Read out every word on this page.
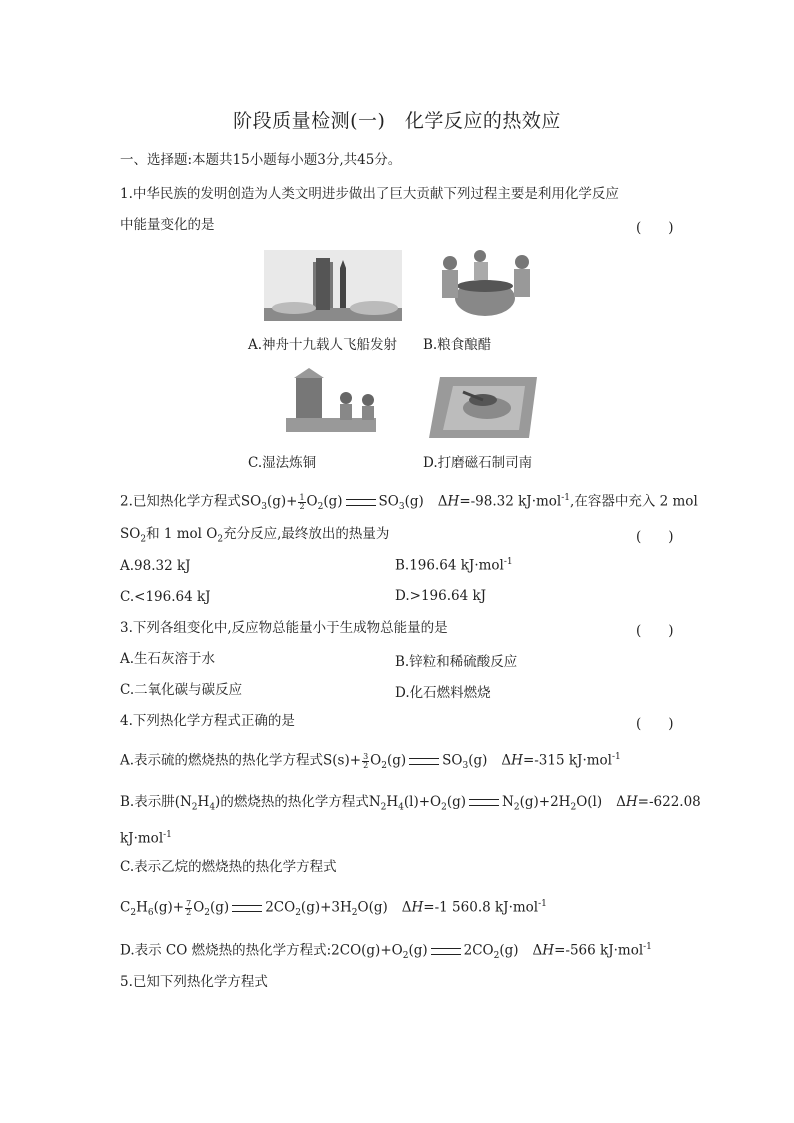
阶段质量检测(一)　化学反应的热效应
一、选择题:本题共15小题每小题3分,共45分。
1.中华民族的发明创造为人类文明进步做出了巨大贡献下列过程主要是利用化学反应
中能量变化的是	(　　)
A.神舟十九载人飞船发射 B.粮食酿醋
C.湿法炼铜	D.打磨磁石制司南
2.已知热化学方程式$SO_3(g)+ \frac{1}{2} O_2(g)$	$SO_3(g)$ ΔH=-98.32 kJ·mol$^{-1}$,在容器中充入 2 mol
$SO_2$和 1 mol $O_2$充分反应,最终放出的热量为	(　　)
A.98.32 kJ	B.196.64 kJ·mol$^{-1}$
C.<196.64 kJ	D.>196.64 kJ
3.下列各组变化中,反应物总能量小于生成物总能量的是	(　　)
A.生石灰溶于水	B.锌粒和稀硫酸反应
C.二氧化碳与碳反应	D.化石燃料燃烧
4.下列热化学方程式正确的是	(　　)
A.表示硫的燃烧热的热化学方程式$S(s)+ \frac{3}{2} O_2(g)$	$SO_3(g)$ ΔH=-315 kJ·mol$^{-1}$
B.表示肼$(N_2H_4)$的燃烧热的热化学方程式$N_2H_4(l)+O_2(g)$	$N_2(g)+2H_2O(l)$ ΔH=-622.08
kJ·mol$^{-1}$
C.表示乙烷的燃烧热的热化学方程式
$C_2H_6(g)+ \frac{7}{2} O_2(g)$	$2CO_2(g)+3H_2O(g)$ ΔH=-1 560.8 kJ·mol$^{-1}$
D.表示 CO 燃烧热的热化学方程式$:2CO(g)+O_2(g)$	$2CO_2(g)$ ΔH=-566 kJ·mol$^{-1}$
5.已知下列热化学方程式
